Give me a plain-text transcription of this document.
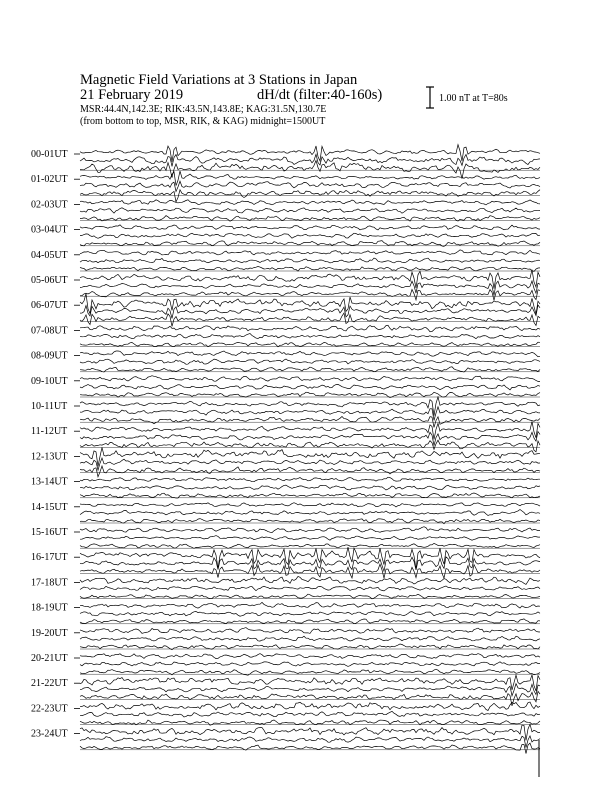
Magnetic Field Variations at 3 Stations in Japan
21 February 2019	dH/dt (filter:40-160s)
MSR:44.4N,142.3E; RIK:43.5N,143.8E; KAG:31.5N,130.7E
(from bottom to top, MSR, RIK, & KAG) midnight=1500UT
1.00 nT at T=80s
00-01UT
01-02UT
02-03UT
03-04UT
04-05UT
05-06UT
06-07UT
07-08UT
08-09UT
09-10UT
10-11UT
11-12UT
12-13UT
13-14UT
14-15UT
15-16UT
16-17UT
17-18UT
18-19UT
19-20UT
20-21UT
21-22UT
22-23UT
23-24UT
